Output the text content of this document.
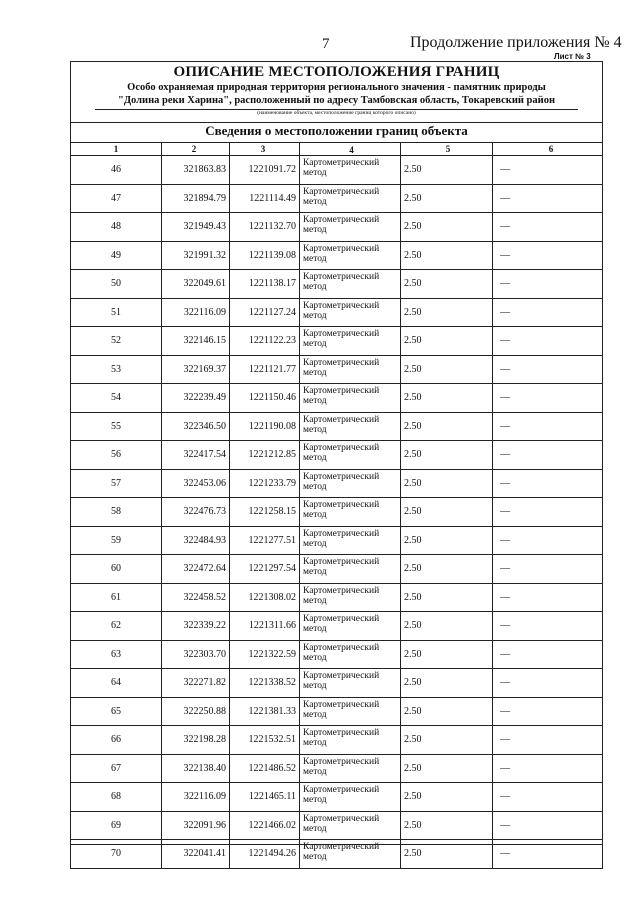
7	Продолжение приложения № 4
Лист № 3
ОПИСАНИЕ МЕСТОПОЛОЖЕНИЯ ГРАНИЦ
Особо охраняемая природная территория регионального значения - памятник природы
"Долина реки Харина", расположенный по адресу Тамбовская область, Токаревский район
(наименование объекта, местоположение границ которого описано)
Сведения о местоположении границ объекта
1	2	3	4	5	6
46	321863.83	1221091.72	Картометрический метод	2.50	—
47	321894.79	1221114.49	Картометрический метод	2.50	—
48	321949.43	1221132.70	Картометрический метод	2.50	—
49	321991.32	1221139.08	Картометрический метод	2.50	—
50	322049.61	1221138.17	Картометрический метод	2.50	—
51	322116.09	1221127.24	Картометрический метод	2.50	—
52	322146.15	1221122.23	Картометрический метод	2.50	—
53	322169.37	1221121.77	Картометрический метод	2.50	—
54	322239.49	1221150.46	Картометрический метод	2.50	—
55	322346.50	1221190.08	Картометрический метод	2.50	—
56	322417.54	1221212.85	Картометрический метод	2.50	—
57	322453.06	1221233.79	Картометрический метод	2.50	—
58	322476.73	1221258.15	Картометрический метод	2.50	—
59	322484.93	1221277.51	Картометрический метод	2.50	—
60	322472.64	1221297.54	Картометрический метод	2.50	—
61	322458.52	1221308.02	Картометрический метод	2.50	—
62	322339.22	1221311.66	Картометрический метод	2.50	—
63	322303.70	1221322.59	Картометрический метод	2.50	—
64	322271.82	1221338.52	Картометрический метод	2.50	—
65	322250.88	1221381.33	Картометрический метод	2.50	—
66	322198.28	1221532.51	Картометрический метод	2.50	—
67	322138.40	1221486.52	Картометрический метод	2.50	—
68	322116.09	1221465.11	Картометрический метод	2.50	—
69	322091.96	1221466.02	Картометрический метод	2.50	—
70	322041.41	1221494.26	Картометрический метод	2.50	—
